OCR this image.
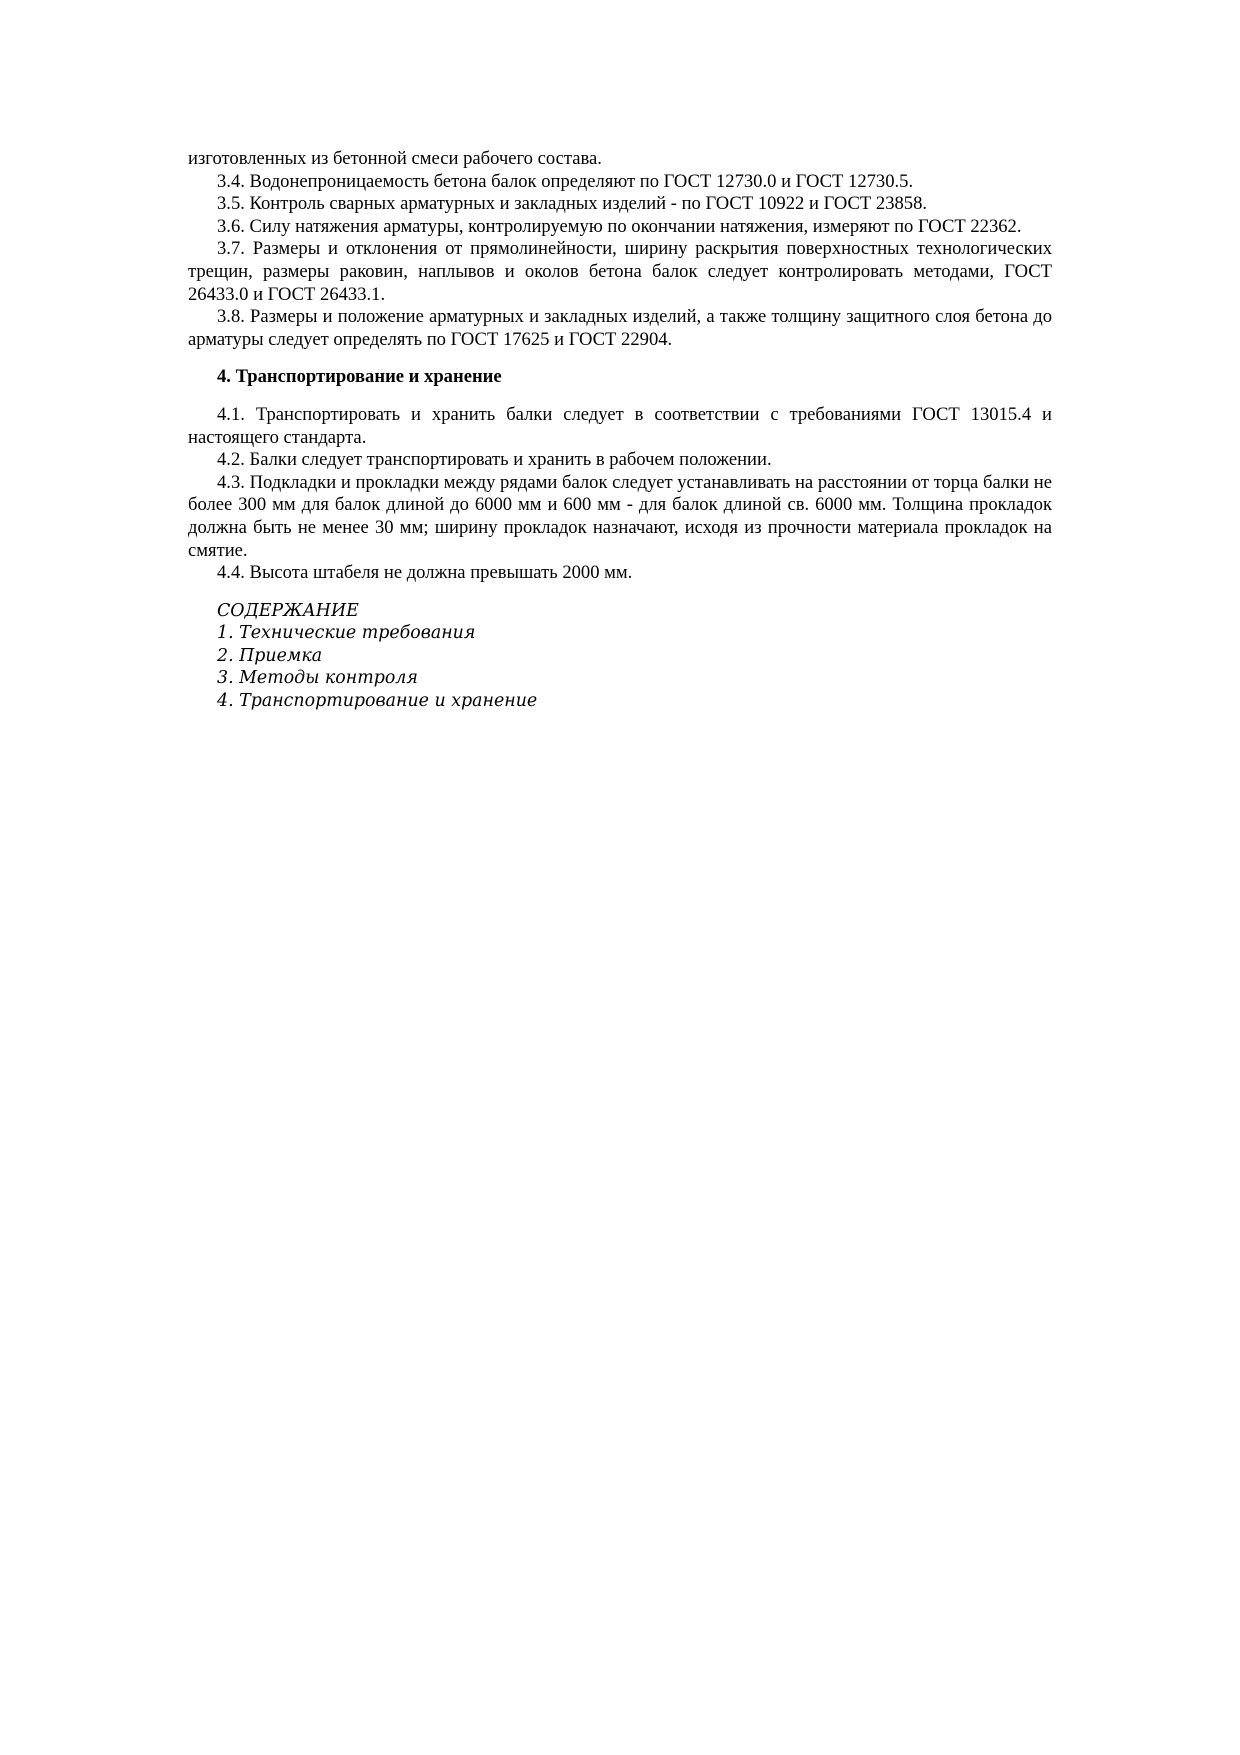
изготовленных из бетонной смеси рабочего состава.

3.4. Водонепроницаемость бетона балок определяют по ГОСТ 12730.0 и ГОСТ 12730.5.

3.5. Контроль сварных арматурных и закладных изделий - по ГОСТ 10922 и ГОСТ 23858.

3.6. Силу натяжения арматуры, контролируемую по окончании натяжения, измеряют по ГОСТ 22362.

3.7. Размеры и отклонения от прямолинейности, ширину раскрытия поверхностных технологических трещин, размеры раковин, наплывов и околов бетона балок следует контролировать методами, ГОСТ 26433.0 и ГОСТ 26433.1.

3.8. Размеры и положение арматурных и закладных изделий, а также толщину защитного слоя бетона до арматуры следует определять по ГОСТ 17625 и ГОСТ 22904.

4. Транспортирование и хранение

4.1. Транспортировать и хранить балки следует в соответствии с требованиями ГОСТ 13015.4 и настоящего стандарта.

4.2. Балки следует транспортировать и хранить в рабочем положении.

4.3. Подкладки и прокладки между рядами балок следует устанавливать на расстоянии от торца балки не более 300 мм для балок длиной до 6000 мм и 600 мм - для балок длиной св. 6000 мм. Толщина прокладок должна быть не менее 30 мм; ширину прокладок назначают, исходя из прочности материала прокладок на смятие.

4.4. Высота штабеля не должна превышать 2000 мм.

СОДЕРЖАНИЕ
1. Технические требования
2. Приемка
3. Методы контроля
4. Транспортирование и хранение
